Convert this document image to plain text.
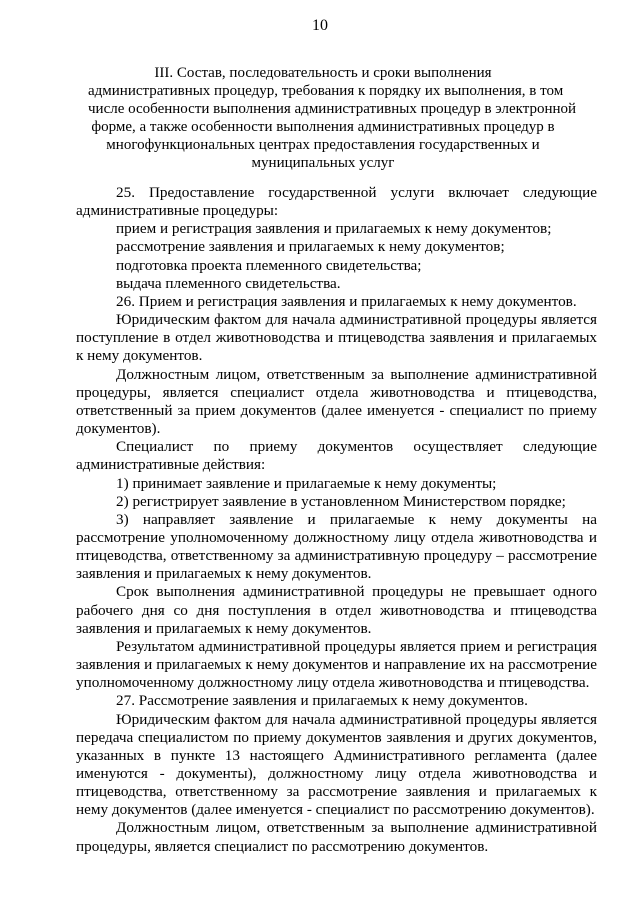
10
III. Состав, последовательность и сроки выполнения
административных процедур, требования к порядку их выполнения, в том
числе особенности выполнения административных процедур в электронной
форме, а также особенности выполнения административных процедур в
многофункциональных центрах предоставления государственных и
муниципальных услуг

25. Предоставление государственной услуги включает следующие административные процедуры:

прием и регистрация заявления и прилагаемых к нему документов;

рассмотрение заявления и прилагаемых к нему документов;

подготовка проекта племенного свидетельства;

выдача племенного свидетельства.

26. Прием и регистрация заявления и прилагаемых к нему документов.

Юридическим фактом для начала административной процедуры является поступление в отдел животноводства и птицеводства заявления и прилагаемых к нему документов.

Должностным лицом, ответственным за выполнение административной процедуры, является специалист отдела животноводства и птицеводства, ответственный за прием документов (далее именуется - специалист по приему документов).

Специалист по приему документов осуществляет следующие административные действия:

1) принимает заявление и прилагаемые к нему документы;

2) регистрирует заявление в установленном Министерством порядке;

3) направляет заявление и прилагаемые к нему документы на рассмотрение уполномоченному должностному лицу отдела животноводства и птицеводства, ответственному за административную процедуру – рассмотрение заявления и прилагаемых к нему документов.

Срок выполнения административной процедуры не превышает одного рабочего дня со дня поступления в отдел животноводства и птицеводства заявления и прилагаемых к нему документов.

Результатом административной процедуры является прием и регистрация заявления и прилагаемых к нему документов и направление их на рассмотрение уполномоченному должностному лицу отдела животноводства и птицеводства.

27. Рассмотрение заявления и прилагаемых к нему документов.

Юридическим фактом для начала административной процедуры является передача специалистом по приему документов заявления и других документов, указанных в пункте 13 настоящего Административного регламента (далее именуются - документы), должностному лицу отдела животноводства и птицеводства, ответственному за рассмотрение заявления и прилагаемых к нему документов (далее именуется - специалист по рассмотрению документов).

Должностным лицом, ответственным за выполнение административной процедуры, является специалист по рассмотрению документов.
